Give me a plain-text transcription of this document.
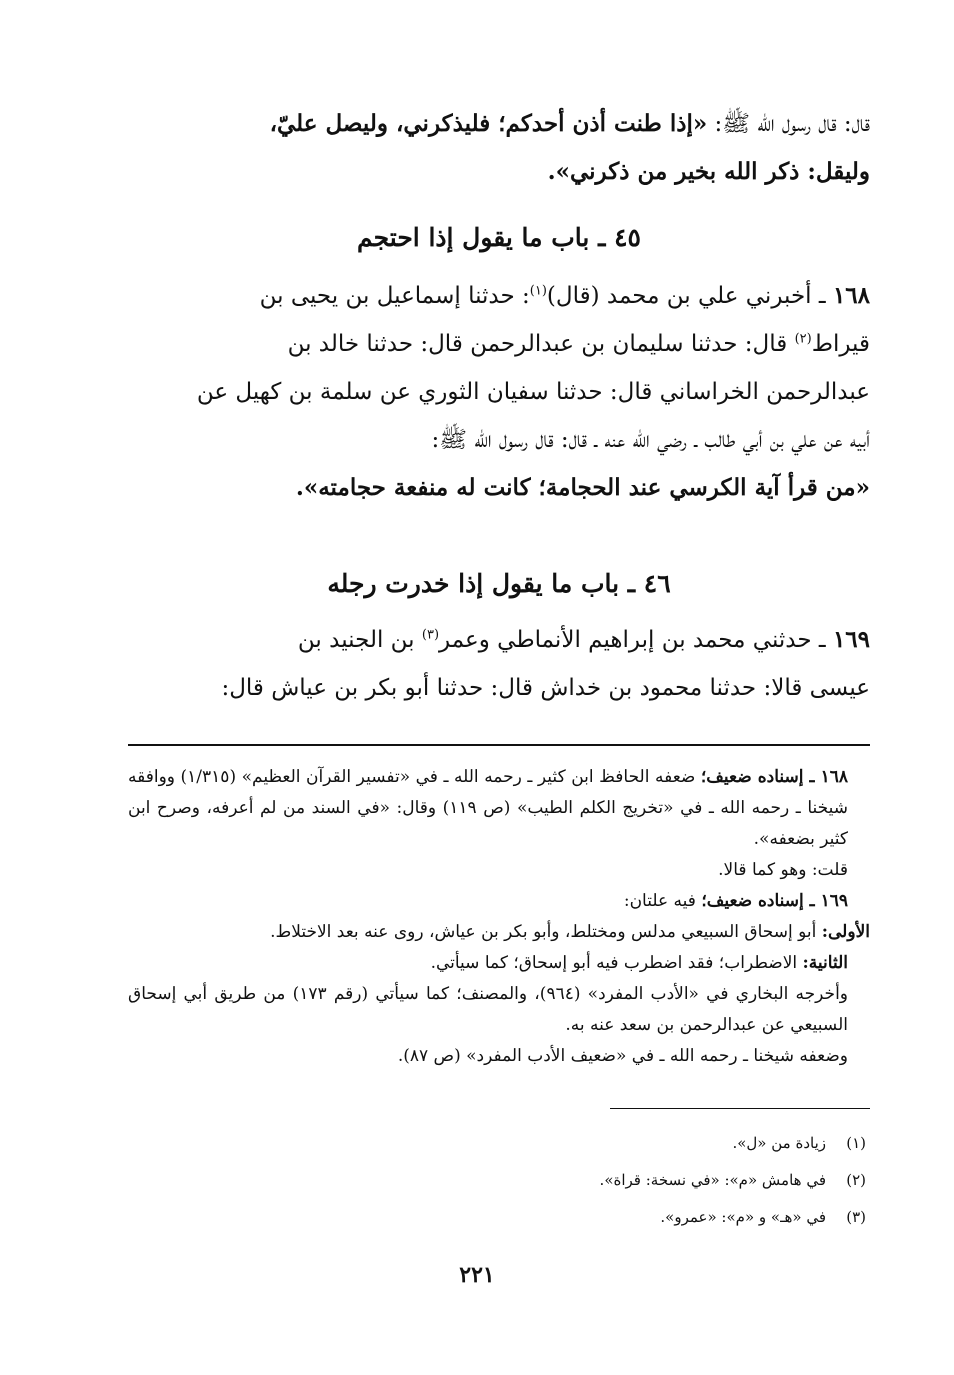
قال: قال رسول الله ﷺ: «إذا طنت أذن أحدكم؛ فليذكرني، وليصل عليّ،

وليقل: ذكر الله بخير من ذكرني».

٤٥ ـ باب ما يقول إذا احتجم

١٦٨ ـ أخبرني علي بن محمد (قال)$^{(١)}$: حدثنا إسماعيل بن يحيى بن

قيراط$^{(٢)}$ قال: حدثنا سليمان بن عبدالرحمن قال: حدثنا خالد بن

عبدالرحمن الخراساني قال: حدثنا سفيان الثوري عن سلمة بن كهيل عن

أبيه عن علي بن أبي طالب ـ رضي الله عنه ـ قال: قال رسول الله ﷺ:

«من قرأ آية الكرسي عند الحجامة؛ كانت له منفعة حجامته».

٤٦ ـ باب ما يقول إذا خدرت رجله

١٦٩ ـ حدثني محمد بن إبراهيم الأنماطي وعمر$^{(٣)}$ بن الجنيد بن

عيسى قالا: حدثنا محمود بن خداش قال: حدثنا أبو بكر بن عياش قال:

١٦٨ ـ إسناده ضعيف؛ ضعفه الحافظ ابن كثير ـ رحمه الله ـ في «تفسير القرآن العظيم» (١/٣١٥) ووافقه شيخنا ـ رحمه الله ـ في «تخريج الكلم الطيب» (ص ١١٩) وقال: «في السند من لم أعرفه، وصرح ابن كثير بضعفه».

قلت: وهو كما قالا.

١٦٩ ـ إسناده ضعيف؛ فيه علتان:

الأولى: أبو إسحاق السبيعي مدلس ومختلط، وأبو بكر بن عياش، روى عنه بعد الاختلاط.

الثانية: الاضطراب؛ فقد اضطرب فيه أبو إسحاق؛ كما سيأتي.

وأخرجه البخاري في «الأدب المفرد» (٩٦٤)، والمصنف؛ كما سيأتي (رقم ١٧٣) من طريق أبي إسحاق السبيعي عن عبدالرحمن بن سعد عنه به.

وضعفه شيخنا ـ رحمه الله ـ في «ضعيف الأدب المفرد» (ص ٨٧).

(١)زيادة من «ل».

(٢)في هامش «م»: «في نسخة: قراة».

(٣)في «هـ» و «م»: «عمرو».

٢٢١
